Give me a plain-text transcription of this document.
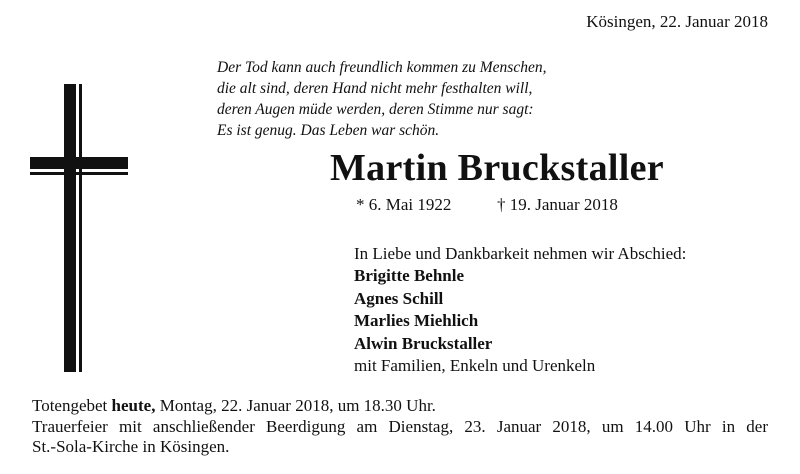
Kösingen, 22. Januar 2018
Der Tod kann auch freundlich kommen zu Menschen,
die alt sind, deren Hand nicht mehr festhalten will,
deren Augen müde werden, deren Stimme nur sagt:
Es ist genug. Das Leben war schön.
Martin Bruckstaller
* 6. Mai 1922	† 19. Januar 2018
In Liebe und Dankbarkeit nehmen wir Abschied:
Brigitte Behnle
Agnes Schill
Marlies Miehlich
Alwin Bruckstaller
mit Familien, Enkeln und Urenkeln
Totengebet heute, Montag, 22. Januar 2018, um 18.30 Uhr.
Trauerfeier mit anschließender Beerdigung am Dienstag, 23. Januar 2018, um 14.00 Uhr in der
St.-Sola-Kirche in Kösingen.
